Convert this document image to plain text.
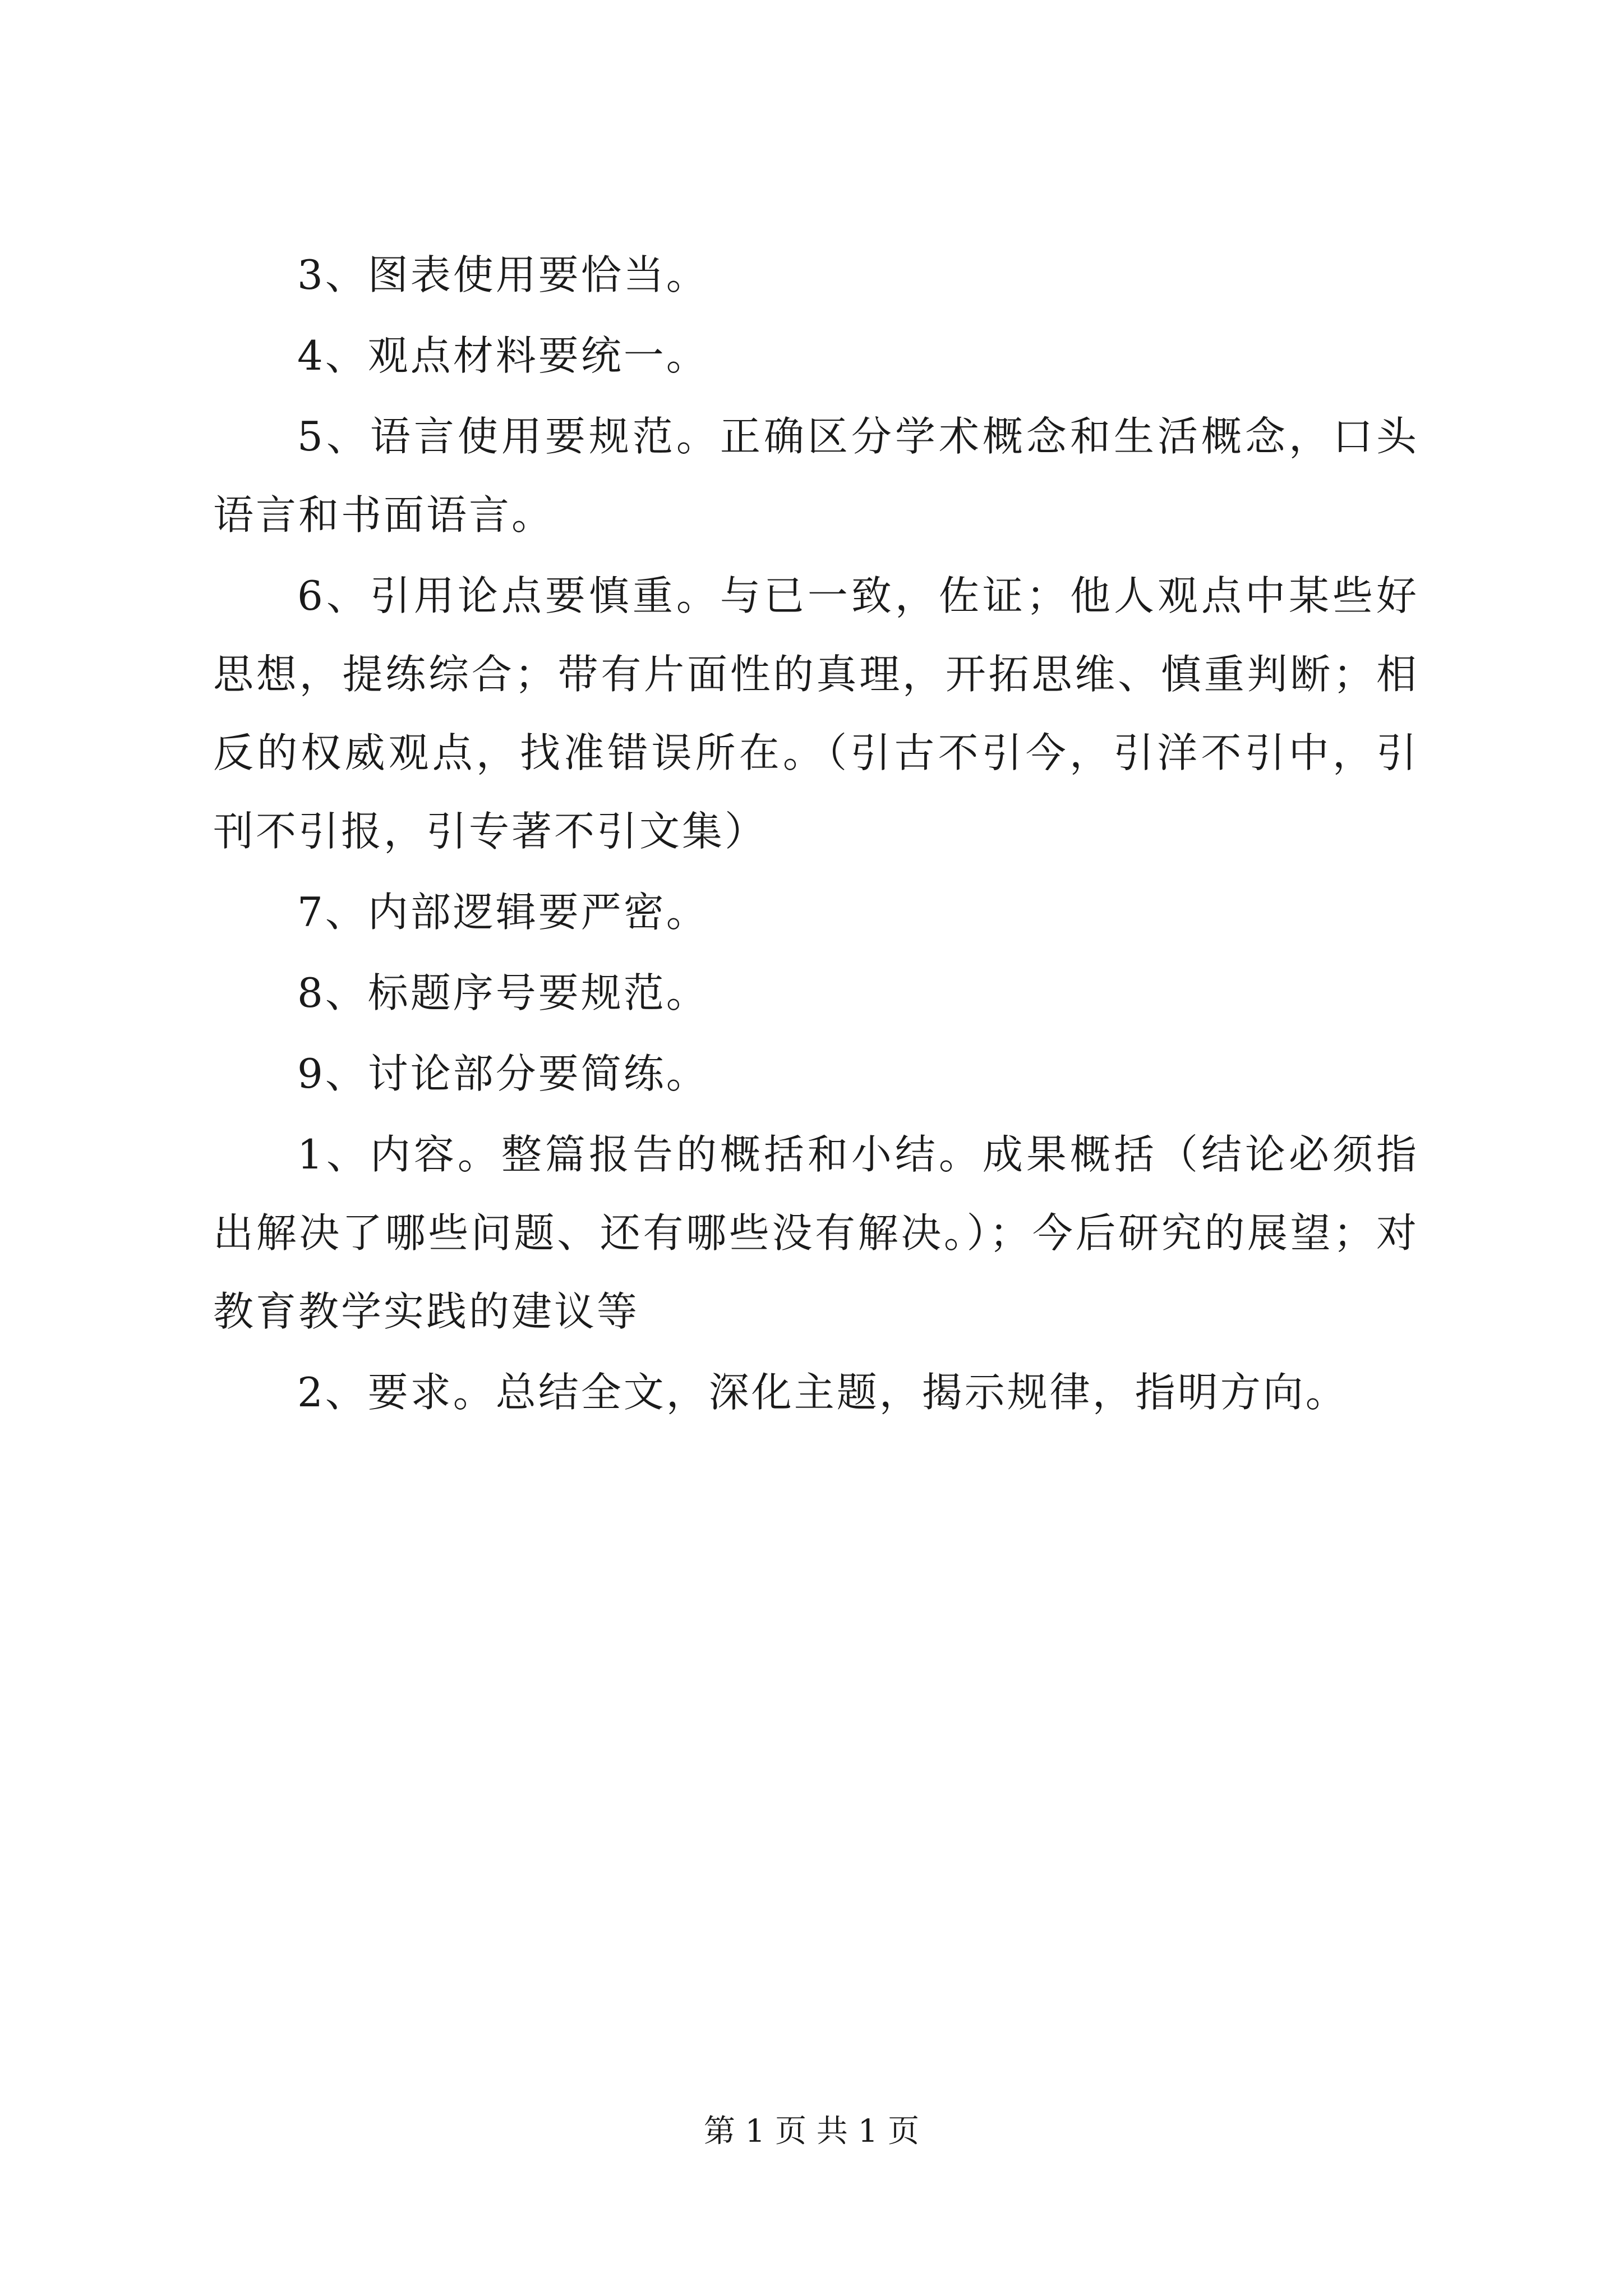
3、图表使用要恰当。

4、观点材料要统一。

5、语言使用要规范。正确区分学术概念和生活概念，口头语言和书面语言。

6、引用论点要慎重。与已一致，佐证；他人观点中某些好思想，提练综合；带有片面性的真理，开拓思维、慎重判断；相反的权威观点，找准错误所在。（引古不引今，引洋不引中，引刊不引报，引专著不引文集）

7、内部逻辑要严密。

8、标题序号要规范。

9、讨论部分要简练。

1、内容。整篇报告的概括和小结。成果概括（结论必须指出解决了哪些问题、还有哪些没有解决。）；今后研究的展望；对教育教学实践的建议等

2、要求。总结全文，深化主题，揭示规律，指明方向。

第 1 页 共 1 页
